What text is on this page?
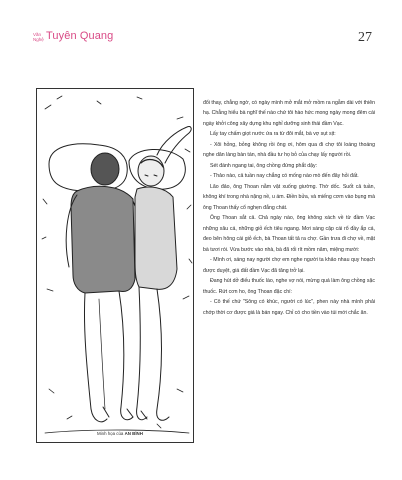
Văn Nghệ Tuyên Quang	27
Minh họa của AN BÌNH

đổi thay, chẳng ngờ, có ngày mình mở mắt mở mồm ra ngẫm dài với thiên hạ. Chẳng hiểu bà nghĩ thế nào chứ tôi hào hức mong ngày mong đêm cái ngày khởi công xây dựng khu nghỉ dưỡng sinh thái đầm Vạc.

Lấy tay chấm giọt nước ứa ra từ đôi mắt, bà vợ sụt sịt:

- Xôi hỏng, bỏng không rồi ông ơi, hôm qua đi chợ tôi loáng thoáng nghe dân làng bàn tán, nhà đầu tư họ bỏ của chạy lấy người rồi.

Sét đánh ngang tai, ông chồng đứng phắt dậy:

- Thảo nào, cả tuần nay chẳng có mống nào mò đến đây hỏi đất.

Lão đảo, ông Thoan nằm vật xuống giường. Thờ dốc. Suốt cả tuần, không khí trong nhà nặng nề, u ám. Điền bửa, và miếng cơm vào bụng mà ông Thoan thấy cổ nghẹn đắng chát.

Ông Thoan sắt cả. Chả ngày nào, ông không xách về từ đầm Vạc những xâu cá, những giỏ ếch tiêu ngang. Mơi sáng cập cái rổ đầy ắp cá, đeo bên hông cái giỏ ếch, bà Thoan tất tả ra chợ. Gần trưa đi chợ về, mặt bà tươi rói. Vừa bước vào nhà, bà đã rối rít mồm năm, miệng mười:

- Mình ơi, sáng nay người chợ em nghe người ta khảo nhau quy hoạch được duyệt, giá đất đầm Vạc đã tăng trở lại.

Đang hút dở điếu thuốc lào, nghe vợ nói, mừng quá làm ông chồng sặc thuốc. Rứt cơn ho, ông Thoan đặc chí:

- Cô thế chứ "Sông có khúc, người có lúc", phen này nhà mình phải chớp thời cơ được giá là bán ngay. Chỉ có cho tiền vào túi mới chắc ăn.
